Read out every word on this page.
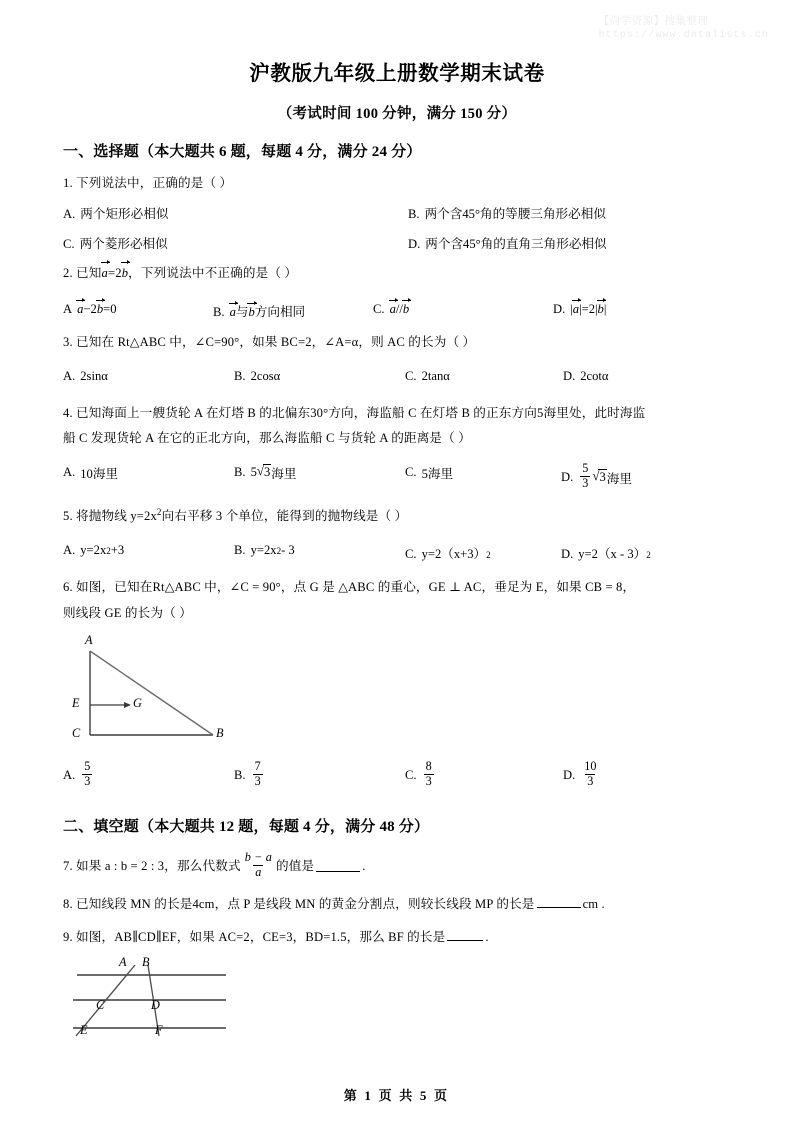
【尚学资源】搜集整理
https://www.datalists.cn
沪教版九年级上册数学期末试卷
（考试时间 100 分钟，满分 150 分）
一、选择题（本大题共 6 题，每题 4 分，满分 24 分）
1. 下列说法中，正确的是（ ）
A. 两个矩形必相似	B. 两个含45°角的等腰三角形必相似
C. 两个菱形必相似	D. 两个含45°角的直角三角形必相似
2. 已知a=2b，下列说法中不正确的是（ ）
A a −2 b =0	B. a 与 b 方向相同	C. a // b	D. | a |=2| b |
3. 已知在 Rt△ABC 中，∠C=90°，如果 BC=2，∠A=α，则 AC 的长为（ ）
A. 2sinα	B. 2cosα	C. 2tanα	D. 2cotα
4. 已知海面上一艘货轮 A 在灯塔 B 的北偏东30°方向，海监船 C 在灯塔 B 的正东方向5海里处，此时海监
船 C 发现货轮 A 在它的正北方向，那么海监船 C 与货轮 A 的距离是（ ）
A. 10海里	B. 5 √ 3 海里	C. 5海里	D. $\frac{5}{3}$ √ 3 海里
5. 将抛物线 $y=2x^2$向右平移 3 个单位，能得到的抛物线是（ ）
A. y=2x 2 +3	B. y=2x 2 - 3	C. y=2（x+3） 2	D. y=2（x - 3） 2
6. 如图，已知在Rt△ABC 中，∠C = 90°，点 G 是 △ABC 的重心，GE ⊥ AC，垂足为 E，如果 CB = 8，
则线段 GE 的长为（ ）
A
E	G
C	B
A. $\frac{5}{3}$	B. $\frac{7}{3}$	C. $\frac{8}{3}$	D. $\frac{10}{3}$
二、填空题（本大题共 12 题，每题 4 分，满分 48 分）
7. 如果 a : b = 2 : 3，那么代数式 $\frac{b - a}{a}$ 的值是	.
8. 已知线段 MN 的长是4cm，点 P 是线段 MN 的黄金分割点，则较长线段 MP 的长是	cm .
9. 如图，AB∥CD∥EF，如果 AC=2，CE=3，BD=1.5，那么 BF 的长是	.
A B
C	D
E	F
第 1 页 共 5 页
